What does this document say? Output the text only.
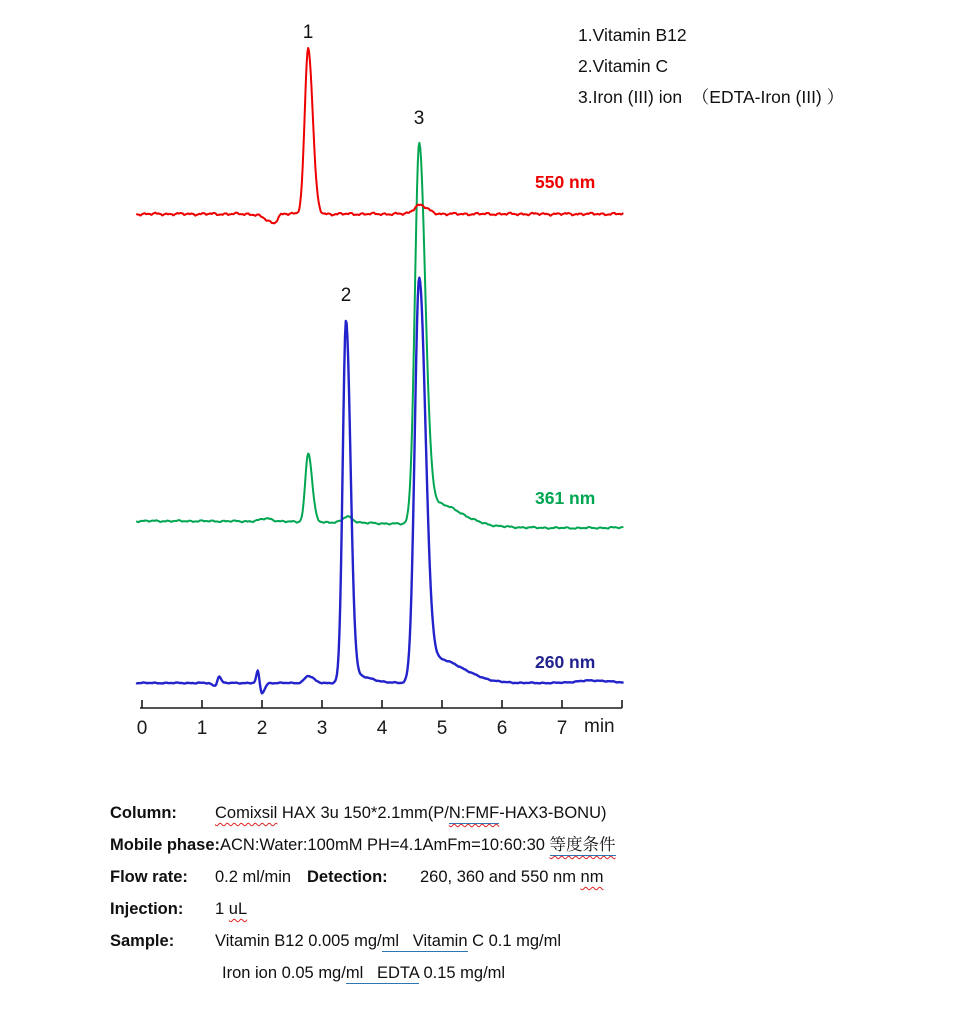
0	1	2	3	4	5	6	7
1.Vitamin B12
2.Vitamin C
3.Iron (III) ion  （EDTA-Iron (III) ）
1
2
3
550 nm
361 nm
260 nm
min
Column: Comixsil HAX 3u 150*2.1mm(P/N:FMF-HAX3-BONU)
Mobile phase:ACN:Water:100mM PH=4.1AmFm=10:60:30 等度条件
Flow rate: 0.2 ml/min Detection: 260, 360 and 550 nm nm
Injection: 1 uL
Sample: Vitamin B12 0.005 mg/ml   Vitamin C 0.1 mg/ml
Iron ion 0.05 mg/ml   EDTA 0.15 mg/ml
